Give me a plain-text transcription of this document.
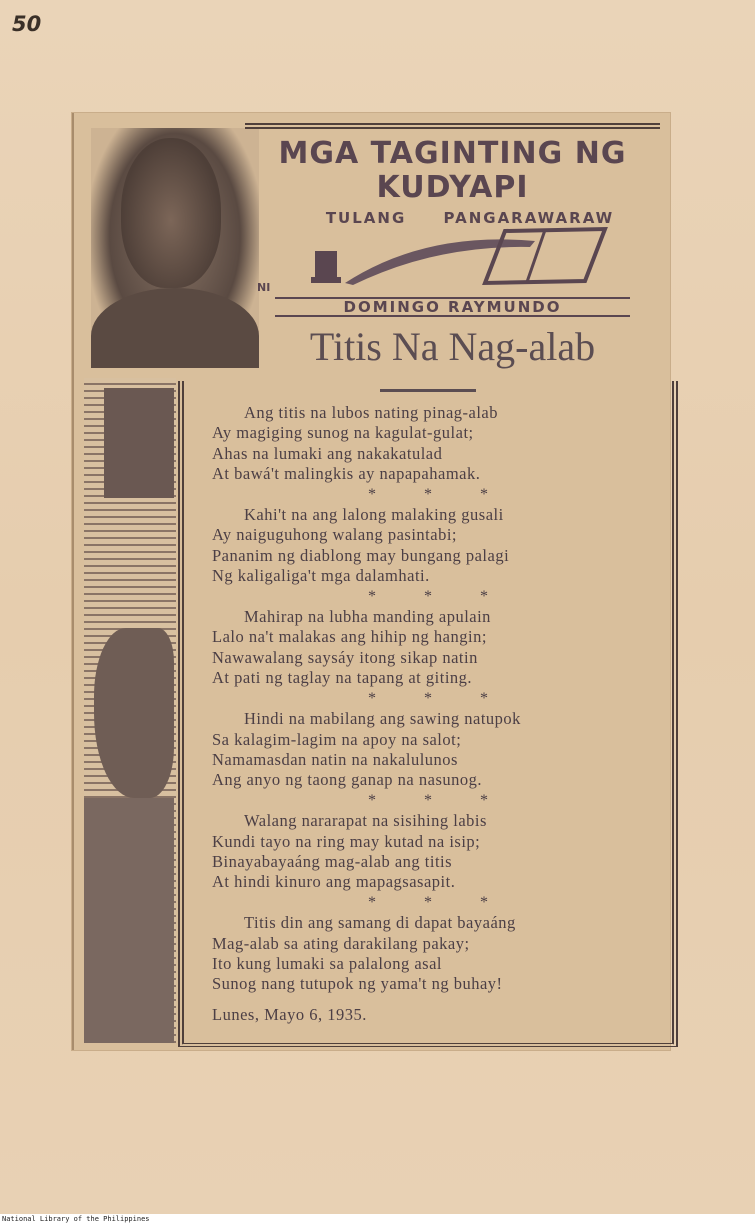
50
MGA TAGINTING NG KUDYAPI
TULANG PANGARAWARAW
NI
DOMINGO RAYMUNDO
Titis Na Nag-alab
Ang titis na lubos nating pinag-alab
Ay magiging sunog na kagulat-gulat;
Ahas na lumaki ang nakakatulad
At bawá't malingkis ay napapahamak.
* * *
Kahi't na ang lalong malaking gusali
Ay naiguguhong walang pasintabi;
Pananim ng diablong may bungang palagi
Ng kaligaliga't mga dalamhati.
* * *
Mahirap na lubha manding apulain
Lalo na't malakas ang hihip ng hangin;
Nawawalang saysáy itong sikap natin
At pati ng taglay na tapang at giting.
* * *
Hindi na mabilang ang sawing natupok
Sa kalagim-lagim na apoy na salot;
Namamasdan natin na nakalulunos
Ang anyo ng taong ganap na nasunog.
* * *
Walang nararapat na sisihing labis
Kundi tayo na ring may kutad na isip;
Binayabayaáng mag-alab ang titis
At hindi kinuro ang mapagsasapit.
* * *
Titis din ang samang di dapat bayaáng
Mag-alab sa ating darakilang pakay;
Ito kung lumaki sa palalong asal
Sunog nang tutupok ng yama't ng buhay!
Lunes, Mayo 6, 1935.
National Library of the Philippines
